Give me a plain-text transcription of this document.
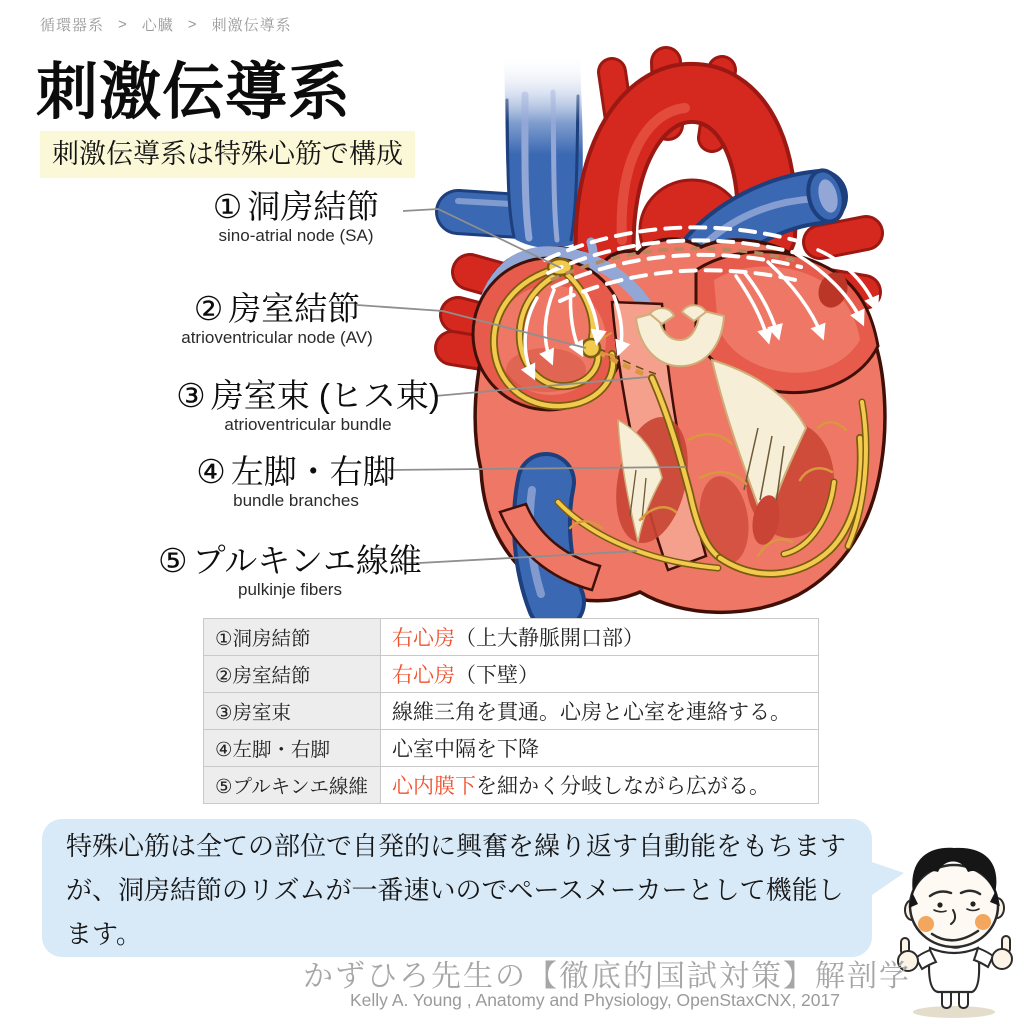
循環器系 > 心臓 > 刺激伝導系
刺激伝導系
刺激伝導系は特殊心筋で構成
① 洞房結節
sino-atrial node (SA)
② 房室結節
atrioventricular node (AV)
③ 房室束 (ヒス束)
atrioventricular bundle
④ 左脚・右脚
bundle branches
⑤ プルキンエ線維
pulkinje fibers
①洞房結節	右心房（上大静脈開口部）
②房室結節	右心房（下壁）
③房室束	線維三角を貫通。心房と心室を連絡する。
④左脚・右脚	心室中隔を下降
⑤プルキンエ線維	心内膜下を細かく分岐しながら広がる。
特殊心筋は全ての部位で自発的に興奮を繰り返す自動能をもちますが、洞房結節のリズムが一番速いのでペースメーカーとして機能します。
かずひろ先生の【徹底的国試対策】解剖学
Kelly A. Young , Anatomy and Physiology, OpenStaxCNX, 2017
